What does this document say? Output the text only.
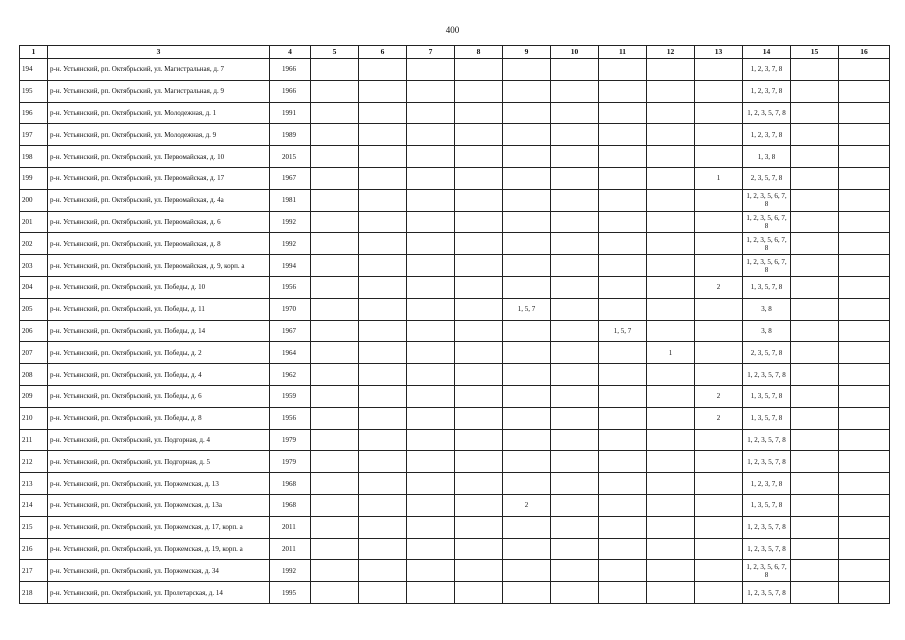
400
1	3	4	5	6	7	8	9	10	11	12	13	14	15	16
194	р-н. Устьянский, рп. Октябрьский, ул. Магистральная, д. 7	1966										1, 2, 3, 7, 8		
195	р-н. Устьянский, рп. Октябрьский, ул. Магистральная, д. 9	1966										1, 2, 3, 7, 8		
196	р-н. Устьянский, рп. Октябрьский, ул. Молодежная, д. 1	1991										1, 2, 3, 5, 7, 8		
197	р-н. Устьянский, рп. Октябрьский, ул. Молодежная, д. 9	1989										1, 2, 3, 7, 8		
198	р-н. Устьянский, рп. Октябрьский, ул. Первомайская, д. 10	2015										1, 3, 8		
199	р-н. Устьянский, рп. Октябрьский, ул. Первомайская, д. 17	1967									1	2, 3, 5, 7, 8		
200	р-н. Устьянский, рп. Октябрьский, ул. Первомайская, д. 4а	1981										1, 2, 3, 5, 6, 7, 8		
201	р-н. Устьянский, рп. Октябрьский, ул. Первомайская, д. 6	1992										1, 2, 3, 5, 6, 7, 8		
202	р-н. Устьянский, рп. Октябрьский, ул. Первомайская, д. 8	1992										1, 2, 3, 5, 6, 7, 8		
203	р-н. Устьянский, рп. Октябрьский, ул. Первомайская, д. 9, корп. а	1994										1, 2, 3, 5, 6, 7, 8		
204	р-н. Устьянский, рп. Октябрьский, ул. Победы, д. 10	1956									2	1, 3, 5, 7, 8		
205	р-н. Устьянский, рп. Октябрьский, ул. Победы, д. 11	1970					1, 5, 7					3, 8		
206	р-н. Устьянский, рп. Октябрьский, ул. Победы, д. 14	1967							1, 5, 7			3, 8		
207	р-н. Устьянский, рп. Октябрьский, ул. Победы, д. 2	1964								1		2, 3, 5, 7, 8		
208	р-н. Устьянский, рп. Октябрьский, ул. Победы, д. 4	1962										1, 2, 3, 5, 7, 8		
209	р-н. Устьянский, рп. Октябрьский, ул. Победы, д. 6	1959									2	1, 3, 5, 7, 8		
210	р-н. Устьянский, рп. Октябрьский, ул. Победы, д. 8	1956									2	1, 3, 5, 7, 8		
211	р-н. Устьянский, рп. Октябрьский, ул. Подгорная, д. 4	1979										1, 2, 3, 5, 7, 8		
212	р-н. Устьянский, рп. Октябрьский, ул. Подгорная, д. 5	1979										1, 2, 3, 5, 7, 8		
213	р-н. Устьянский, рп. Октябрьский, ул. Поржемская, д. 13	1968										1, 2, 3, 7, 8		
214	р-н. Устьянский, рп. Октябрьский, ул. Поржемская, д. 13а	1968					2					1, 3, 5, 7, 8		
215	р-н. Устьянский, рп. Октябрьский, ул. Поржемская, д. 17, корп. а	2011										1, 2, 3, 5, 7, 8		
216	р-н. Устьянский, рп. Октябрьский, ул. Поржемская, д. 19, корп. а	2011										1, 2, 3, 5, 7, 8		
217	р-н. Устьянский, рп. Октябрьский, ул. Поржемская, д. 34	1992										1, 2, 3, 5, 6, 7, 8		
218	р-н. Устьянский, рп. Октябрьский, ул. Пролетарская, д. 14	1995										1, 2, 3, 5, 7, 8		
